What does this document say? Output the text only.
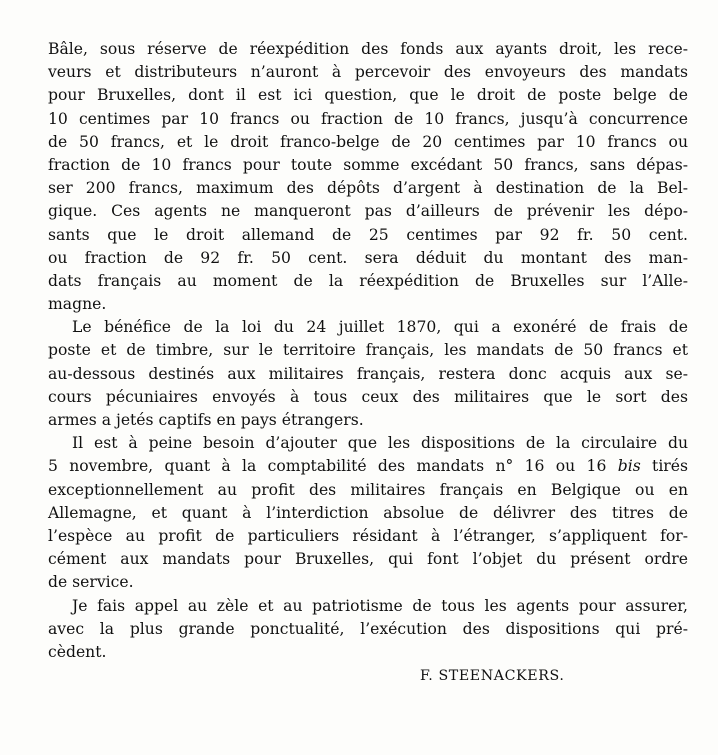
Bâle, sous réserve de réexpédition des fonds aux ayants droit, les rece-
veurs et distributeurs n’auront à percevoir des envoyeurs des mandats
pour Bruxelles, dont il est ici question, que le droit de poste belge de
10 centimes par 10 francs ou fraction de 10 francs, jusqu’à concurrence
de 50 francs, et le droit franco-belge de 20 centimes par 10 francs ou
fraction de 10 francs pour toute somme excédant 50 francs, sans dépas-
ser 200 francs, maximum des dépôts d’argent à destination de la Bel-
gique. Ces agents ne manqueront pas d’ailleurs de prévenir les dépo-
sants que le droit allemand de 25 centimes par 92 fr. 50 cent.
ou fraction de 92 fr. 50 cent. sera déduit du montant des man-
dats français au moment de la réexpédition de Bruxelles sur l’Alle-
magne.
Le bénéfice de la loi du 24 juillet 1870, qui a exonéré de frais de
poste et de timbre, sur le territoire français, les mandats de 50 francs et
au-dessous destinés aux militaires français, restera donc acquis aux se-
cours pécuniaires envoyés à tous ceux des militaires que le sort des
armes a jetés captifs en pays étrangers.
Il est à peine besoin d’ajouter que les dispositions de la circulaire du
5 novembre, quant à la comptabilité des mandats n° 16 ou 16 bis tirés
exceptionnellement au profit des militaires français en Belgique ou en
Allemagne, et quant à l’interdiction absolue de délivrer des titres de
l’espèce au profit de particuliers résidant à l’étranger, s’appliquent for-
cément aux mandats pour Bruxelles, qui font l’objet du présent ordre
de service.
Je fais appel au zèle et au patriotisme de tous les agents pour assurer,
avec la plus grande ponctualité, l’exécution des dispositions qui pré-
cèdent.
F. STEENACKERS.
